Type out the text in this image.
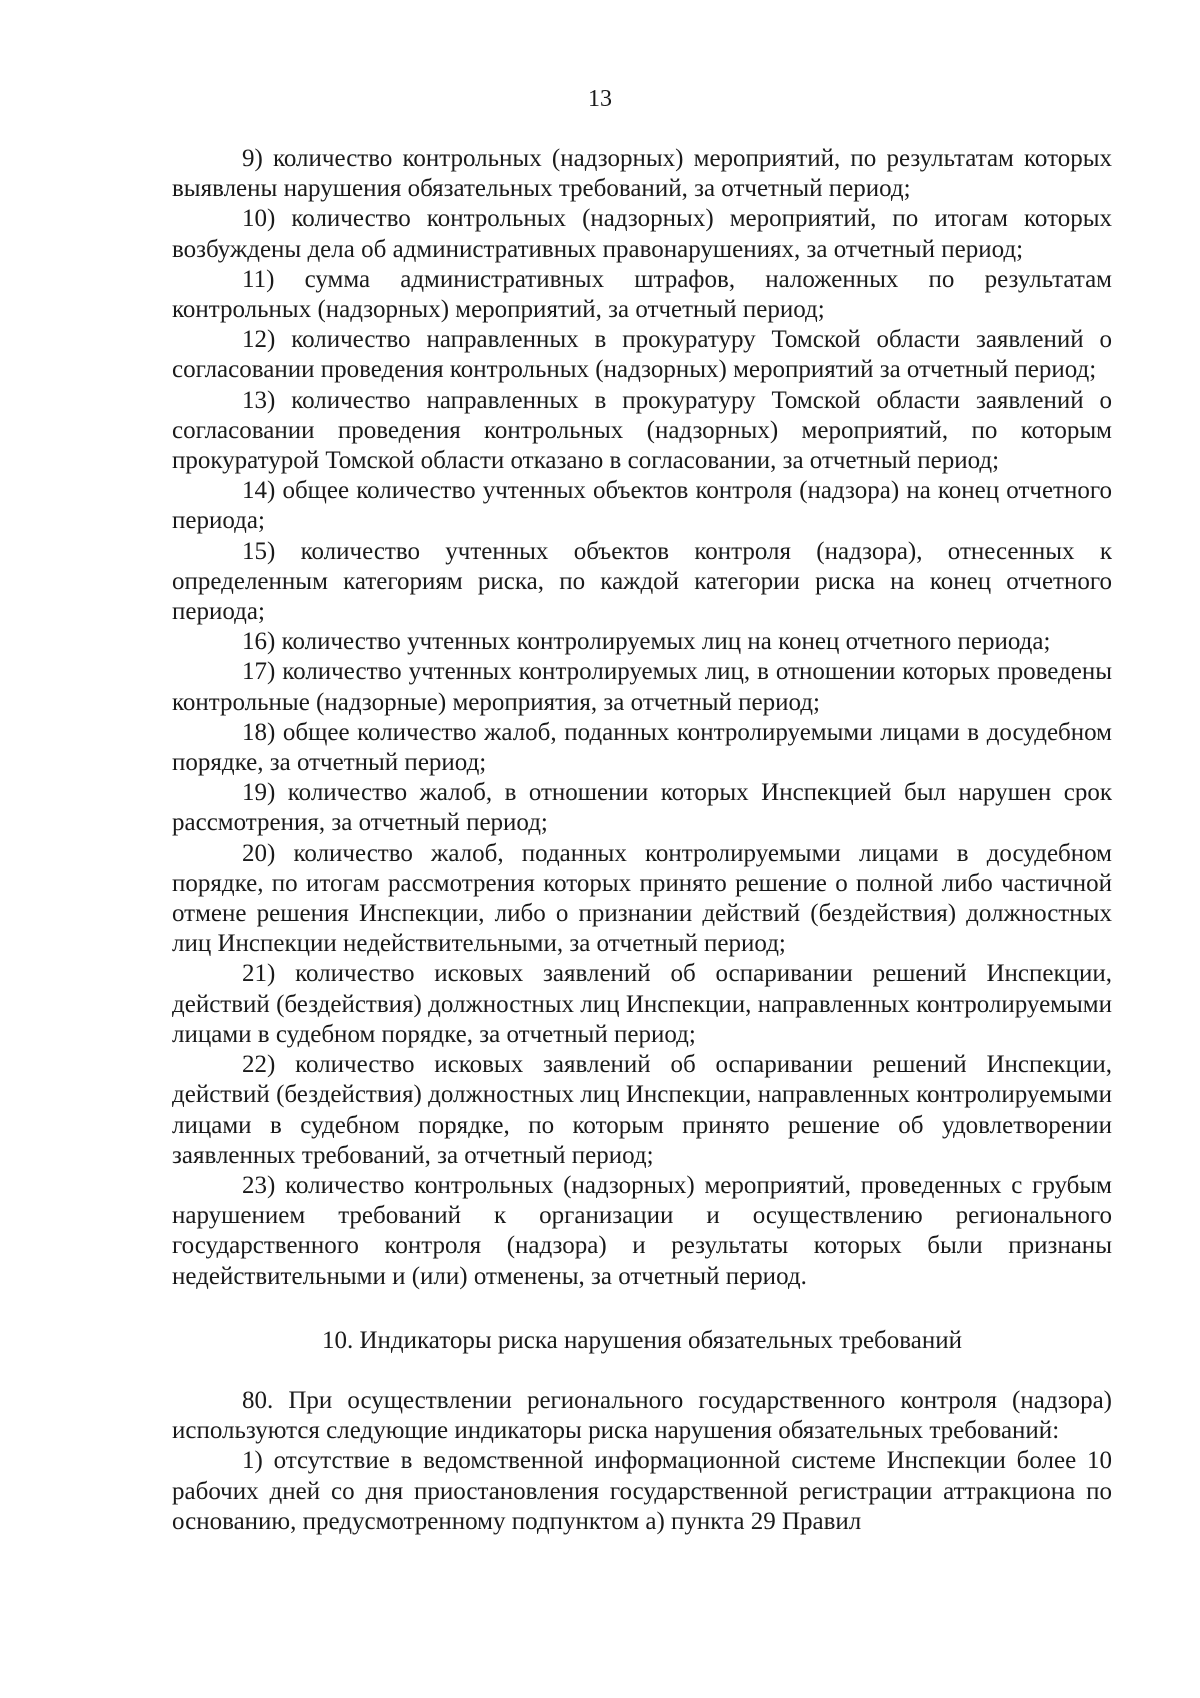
13

9) количество контрольных (надзорных) мероприятий, по результатам которых выявлены нарушения обязательных требований, за отчетный период;

10) количество контрольных (надзорных) мероприятий, по итогам которых возбуждены дела об административных правонарушениях, за отчетный период;

11) сумма административных штрафов, наложенных по результатам контрольных (надзорных) мероприятий, за отчетный период;

12) количество направленных в прокуратуру Томской области заявлений о согласовании проведения контрольных (надзорных) мероприятий за отчетный период;

13) количество направленных в прокуратуру Томской области заявлений о согласовании проведения контрольных (надзорных) мероприятий, по которым прокуратурой Томской области отказано в согласовании, за отчетный период;

14) общее количество учтенных объектов контроля (надзора) на конец отчетного периода;

15) количество учтенных объектов контроля (надзора), отнесенных к определенным категориям риска, по каждой категории риска на конец отчетного периода;

16) количество учтенных контролируемых лиц на конец отчетного периода;

17) количество учтенных контролируемых лиц, в отношении которых проведены контрольные (надзорные) мероприятия, за отчетный период;

18) общее количество жалоб, поданных контролируемыми лицами в досудебном порядке, за отчетный период;

19) количество жалоб, в отношении которых Инспекцией был нарушен срок рассмотрения, за отчетный период;

20) количество жалоб, поданных контролируемыми лицами в досудебном порядке, по итогам рассмотрения которых принято решение о полной либо частичной отмене решения Инспекции, либо о признании действий (бездействия) должностных лиц Инспекции недействительными, за отчетный период;

21) количество исковых заявлений об оспаривании решений Инспекции, действий (бездействия) должностных лиц Инспекции, направленных контролируемыми лицами в судебном порядке, за отчетный период;

22) количество исковых заявлений об оспаривании решений Инспекции, действий (бездействия) должностных лиц Инспекции, направленных контролируемыми лицами в судебном порядке, по которым принято решение об удовлетворении заявленных требований, за отчетный период;

23) количество контрольных (надзорных) мероприятий, проведенных с грубым нарушением требований к организации и осуществлению регионального государственного контроля (надзора) и результаты которых были признаны недействительными и (или) отменены, за отчетный период.

10. Индикаторы риска нарушения обязательных требований

80. При осуществлении регионального государственного контроля (надзора) используются следующие индикаторы риска нарушения обязательных требований:

1) отсутствие в ведомственной информационной системе Инспекции более 10 рабочих дней со дня приостановления государственной регистрации аттракциона по основанию, предусмотренному подпунктом а) пункта 29 Правил
